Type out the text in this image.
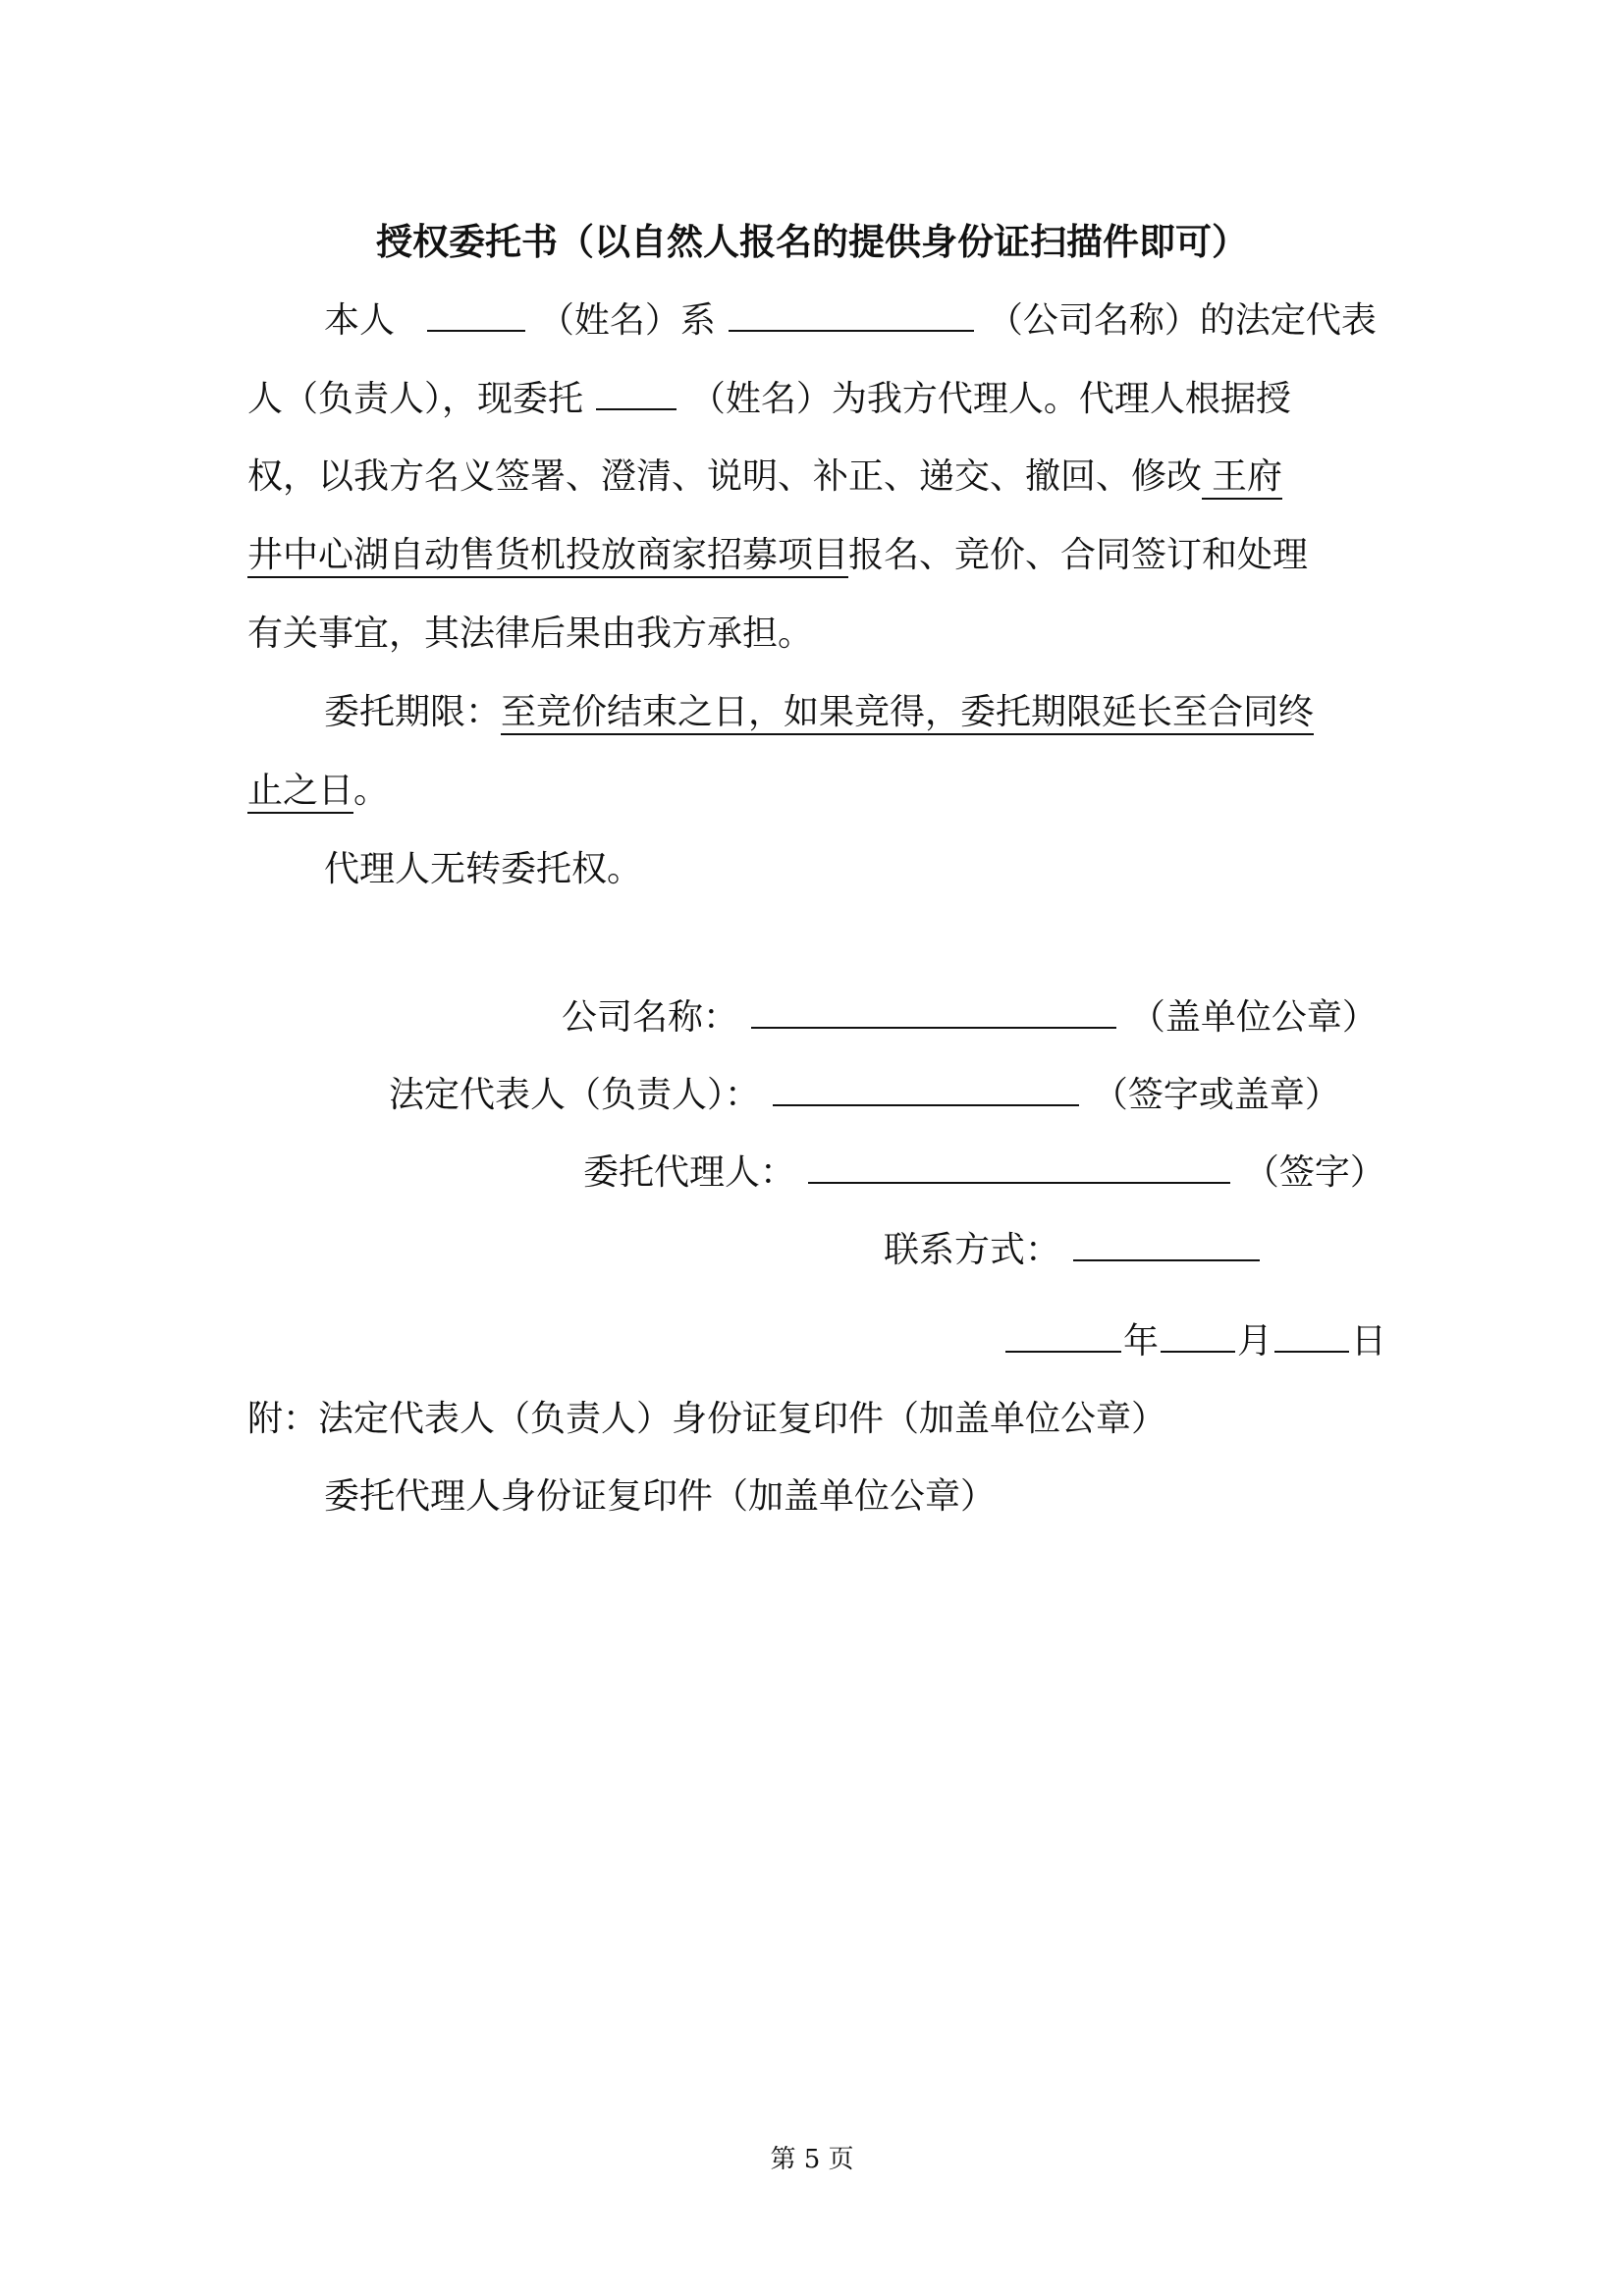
授权委托书（以自然人报名的提供身份证扫描件即可）
本人	（姓名）系	（公司名称）的法定代表
人（负责人），现委托	（姓名）为我方代理人。代理人根据授
权，以我方名义签署、澄清、说明、补正、递交、撤回、修改 王府
井中心湖自动售货机投放商家招募项目报名、竞价、合同签订和处理
有关事宜，其法律后果由我方承担。
委托期限：至竞价结束之日，如果竞得，委托期限延长至合同终
止之日。
代理人无转委托权。
公司名称：	（盖单位公章）
法定代表人（负责人）：	（签字或盖章）
委托代理人：	（签字）
联系方式：
年 月 日
附：法定代表人（负责人）身份证复印件（加盖单位公章）
委托代理人身份证复印件（加盖单位公章）
第 5 页
